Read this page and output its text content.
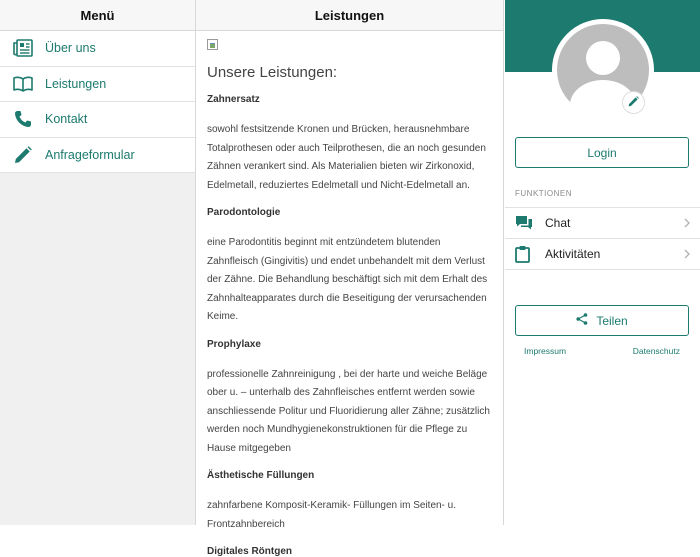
Menü
Über uns
Leistungen
Kontakt
Anfrageformular
Leistungen
Unsere Leistungen:
Zahnersatz
sowohl festsitzende Kronen und Brücken, herausnehmbare Totalprothesen oder auch Teilprothesen, die an noch gesunden Zähnen verankert sind. Als Materialien bieten wir Zirkonoxid, Edelmetall, reduziertes Edelmetall und Nicht-Edelmetall an.
Parodontologie
eine Parodontitis beginnt mit entzündetem blutenden Zahnfleisch (Gingivitis) und endet unbehandelt mit dem Verlust der Zähne. Die Behandlung beschäftigt sich mit dem Erhalt des Zahnhalteapparates durch die Beseitigung der verursachenden Keime.
Prophylaxe
professionelle Zahnreinigung , bei der harte und weiche Beläge ober u. – unterhalb des Zahnfleisches entfernt werden sowie anschliessende Politur und Fluoridierung aller Zähne; zusätzlich werden noch Mundhygienekonstruktionen für die Pflege zu Hause mitgegeben
Ästhetische Füllungen
zahnfarbene Komposit-Keramik- Füllungen im Seiten- u. Frontzahnbereich
Digitales Röntgen
Login
FUNKTIONEN
Chat
Aktivitäten
Teilen
Impressum	Datenschutz
